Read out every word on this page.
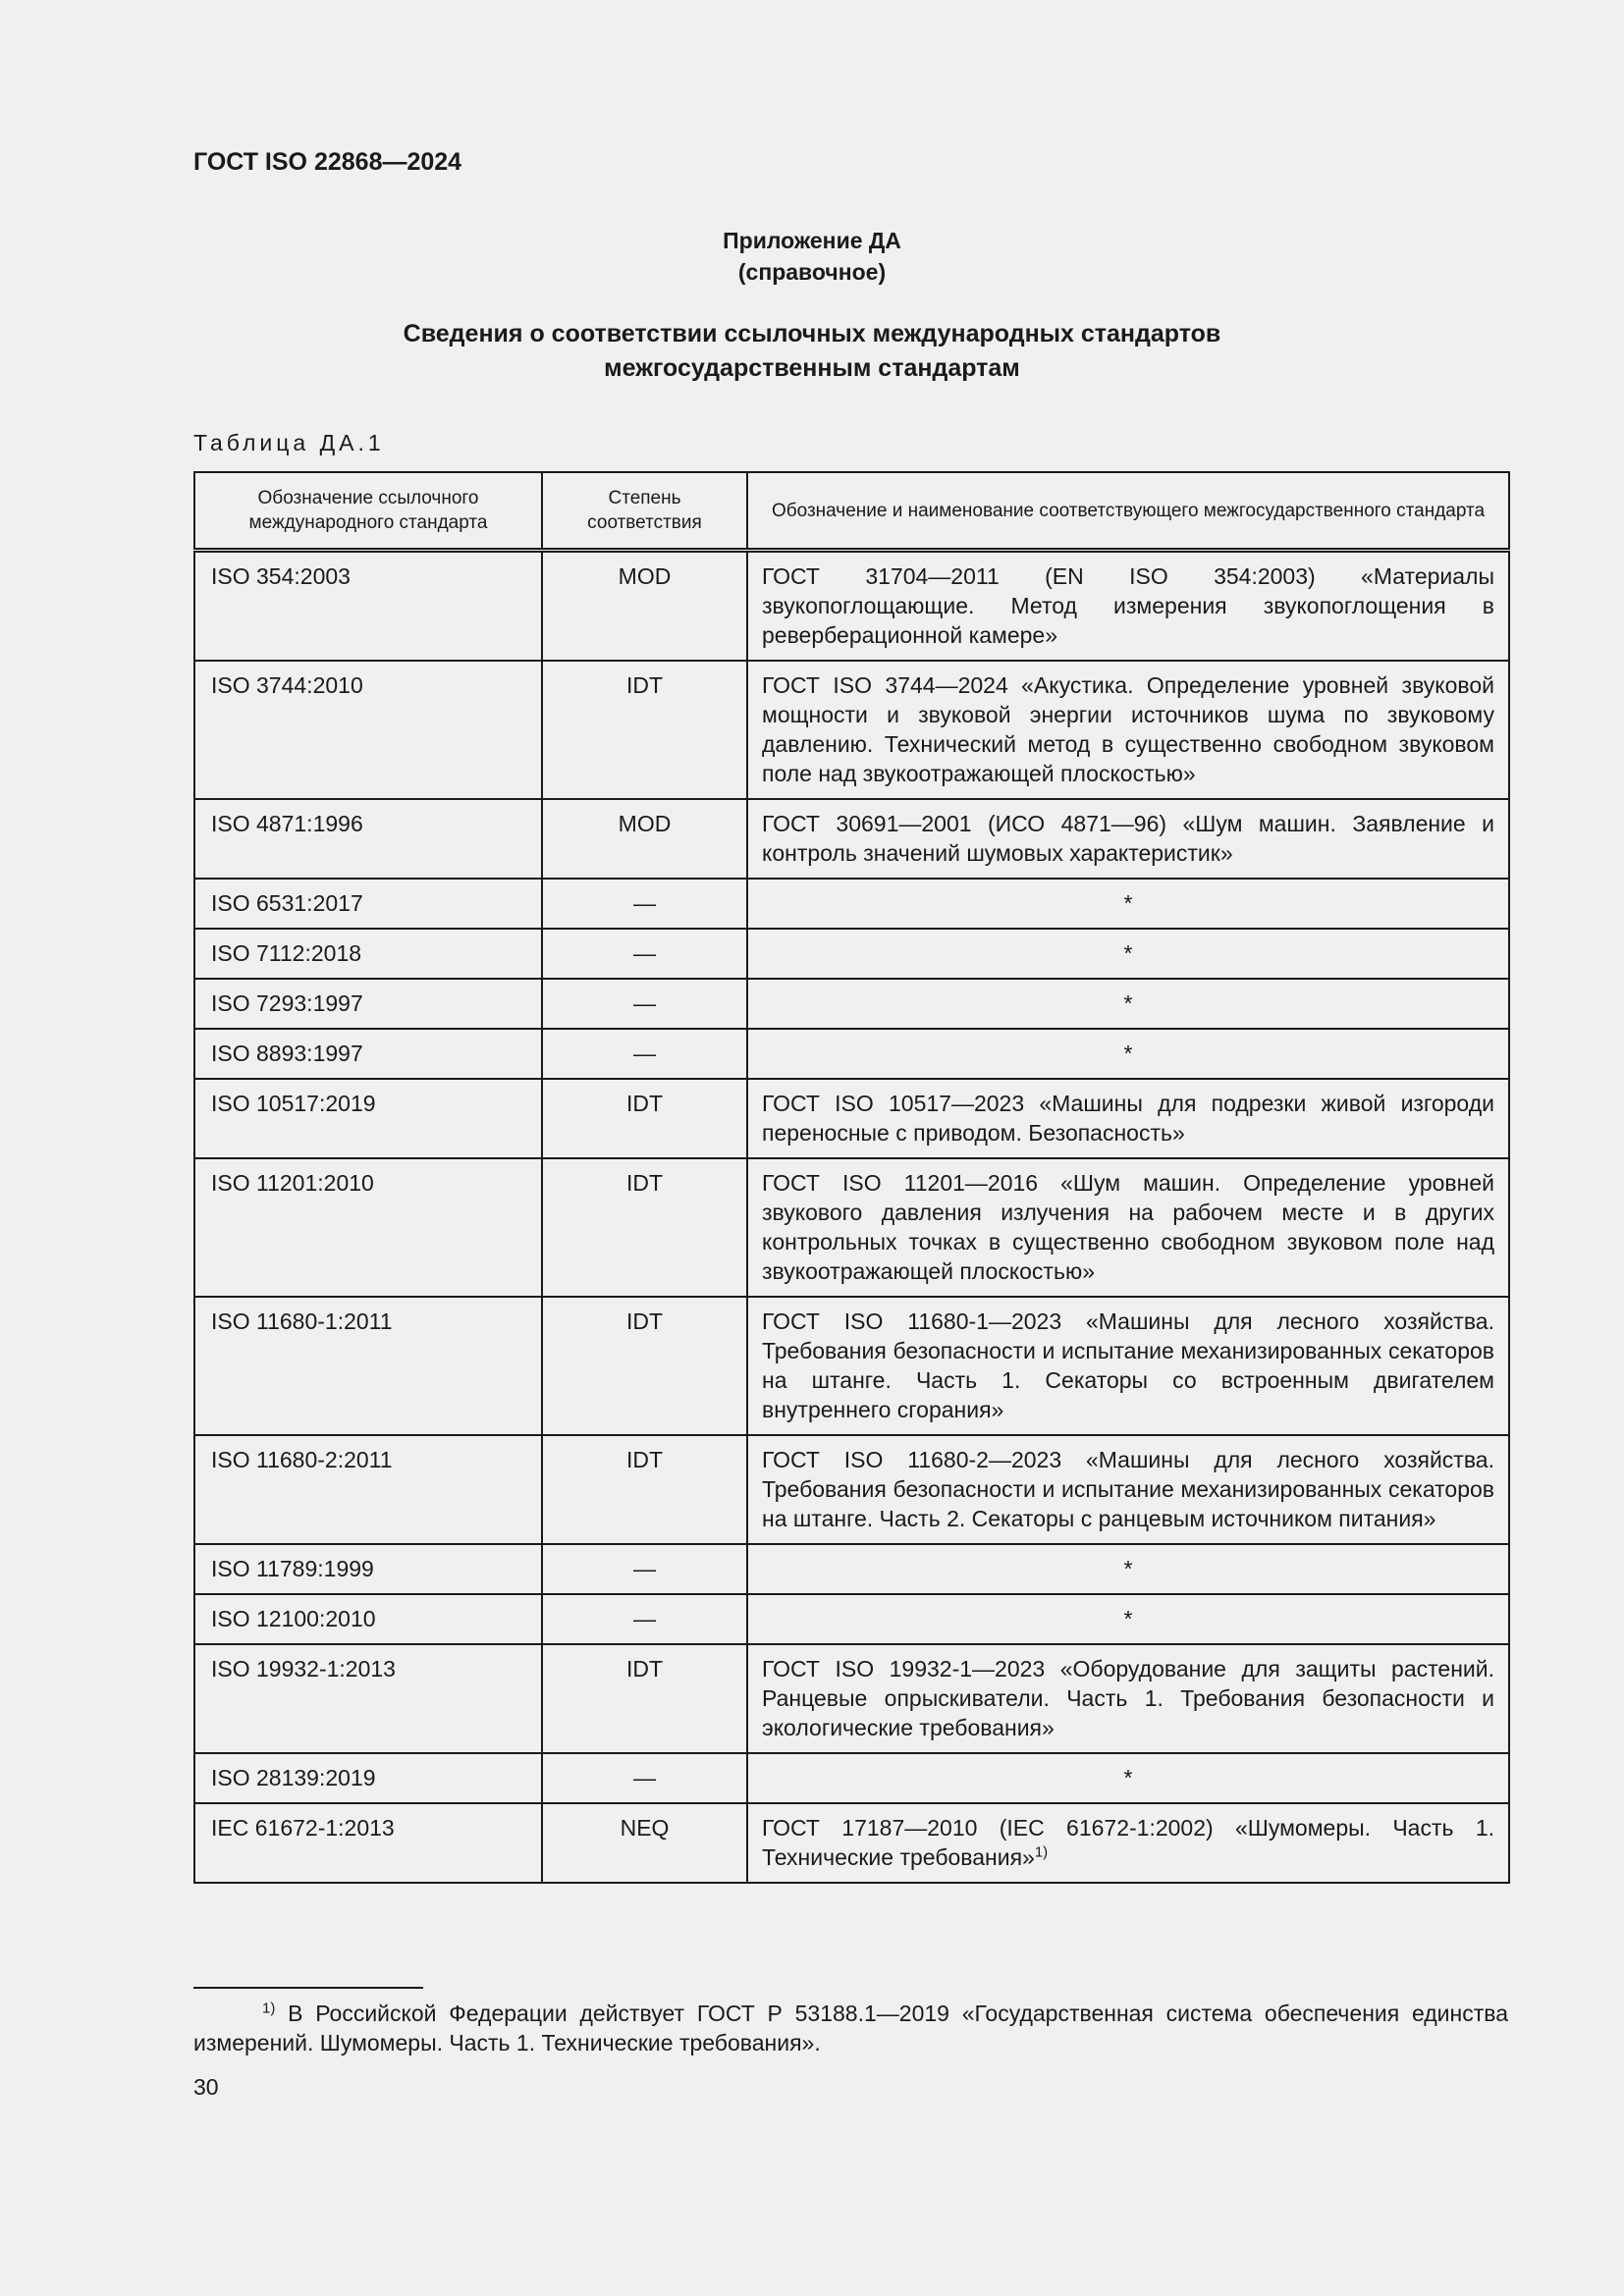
ГОСТ ISO 22868—2024
Приложение ДА
(справочное)
Сведения о соответствии ссылочных международных стандартов
межгосударственным стандартам
Таблица ДА.1
Обозначение ссылочного международного стандарта	Степень соответствия	Обозначение и наименование соответствующего межгосударственного стандарта
ISO 354:2003	MOD	ГОСТ 31704—2011 (EN ISO 354:2003) «Материалы звукопоглощающие. Метод измерения звукопоглощения в реверберационной камере»
ISO 3744:2010	IDT	ГОСТ ISO 3744—2024 «Акустика. Определение уровней звуковой мощности и звуковой энергии источников шума по звуковому давлению. Технический метод в существенно свободном звуковом поле над звукоотражающей плоскостью»
ISO 4871:1996	MOD	ГОСТ 30691—2001 (ИСО 4871—96) «Шум машин. Заявление и контроль значений шумовых характеристик»
ISO 6531:2017	—	*
ISO 7112:2018	—	*
ISO 7293:1997	—	*
ISO 8893:1997	—	*
ISO 10517:2019	IDT	ГОСТ ISO 10517—2023 «Машины для подрезки живой изгороди переносные с приводом. Безопасность»
ISO 11201:2010	IDT	ГОСТ ISO 11201—2016 «Шум машин. Определение уровней звукового давления излучения на рабочем месте и в других контрольных точках в существенно свободном звуковом поле над звукоотражающей плоскостью»
ISO 11680-1:2011	IDT	ГОСТ ISO 11680-1—2023 «Машины для лесного хозяйства. Требования безопасности и испытание механизированных секаторов на штанге. Часть 1. Секаторы со встроенным двигателем внутреннего сгорания»
ISO 11680-2:2011	IDT	ГОСТ ISO 11680-2—2023 «Машины для лесного хозяйства. Требования безопасности и испытание механизированных секаторов на штанге. Часть 2. Секаторы с ранцевым источником питания»
ISO 11789:1999	—	*
ISO 12100:2010	—	*
ISO 19932-1:2013	IDT	ГОСТ ISO 19932-1—2023 «Оборудование для защиты растений. Ранцевые опрыскиватели. Часть 1. Требования безопасности и экологические требования»
ISO 28139:2019	—	*
IEC 61672-1:2013	NEQ	ГОСТ 17187—2010 (IEC 61672-1:2002) «Шумомеры. Часть 1. Технические требования»$^{1)}$
$^{1)}$ В Российской Федерации действует ГОСТ Р 53188.1—2019 «Государственная система обеспечения единства измерений. Шумомеры. Часть 1. Технические требования».
30
